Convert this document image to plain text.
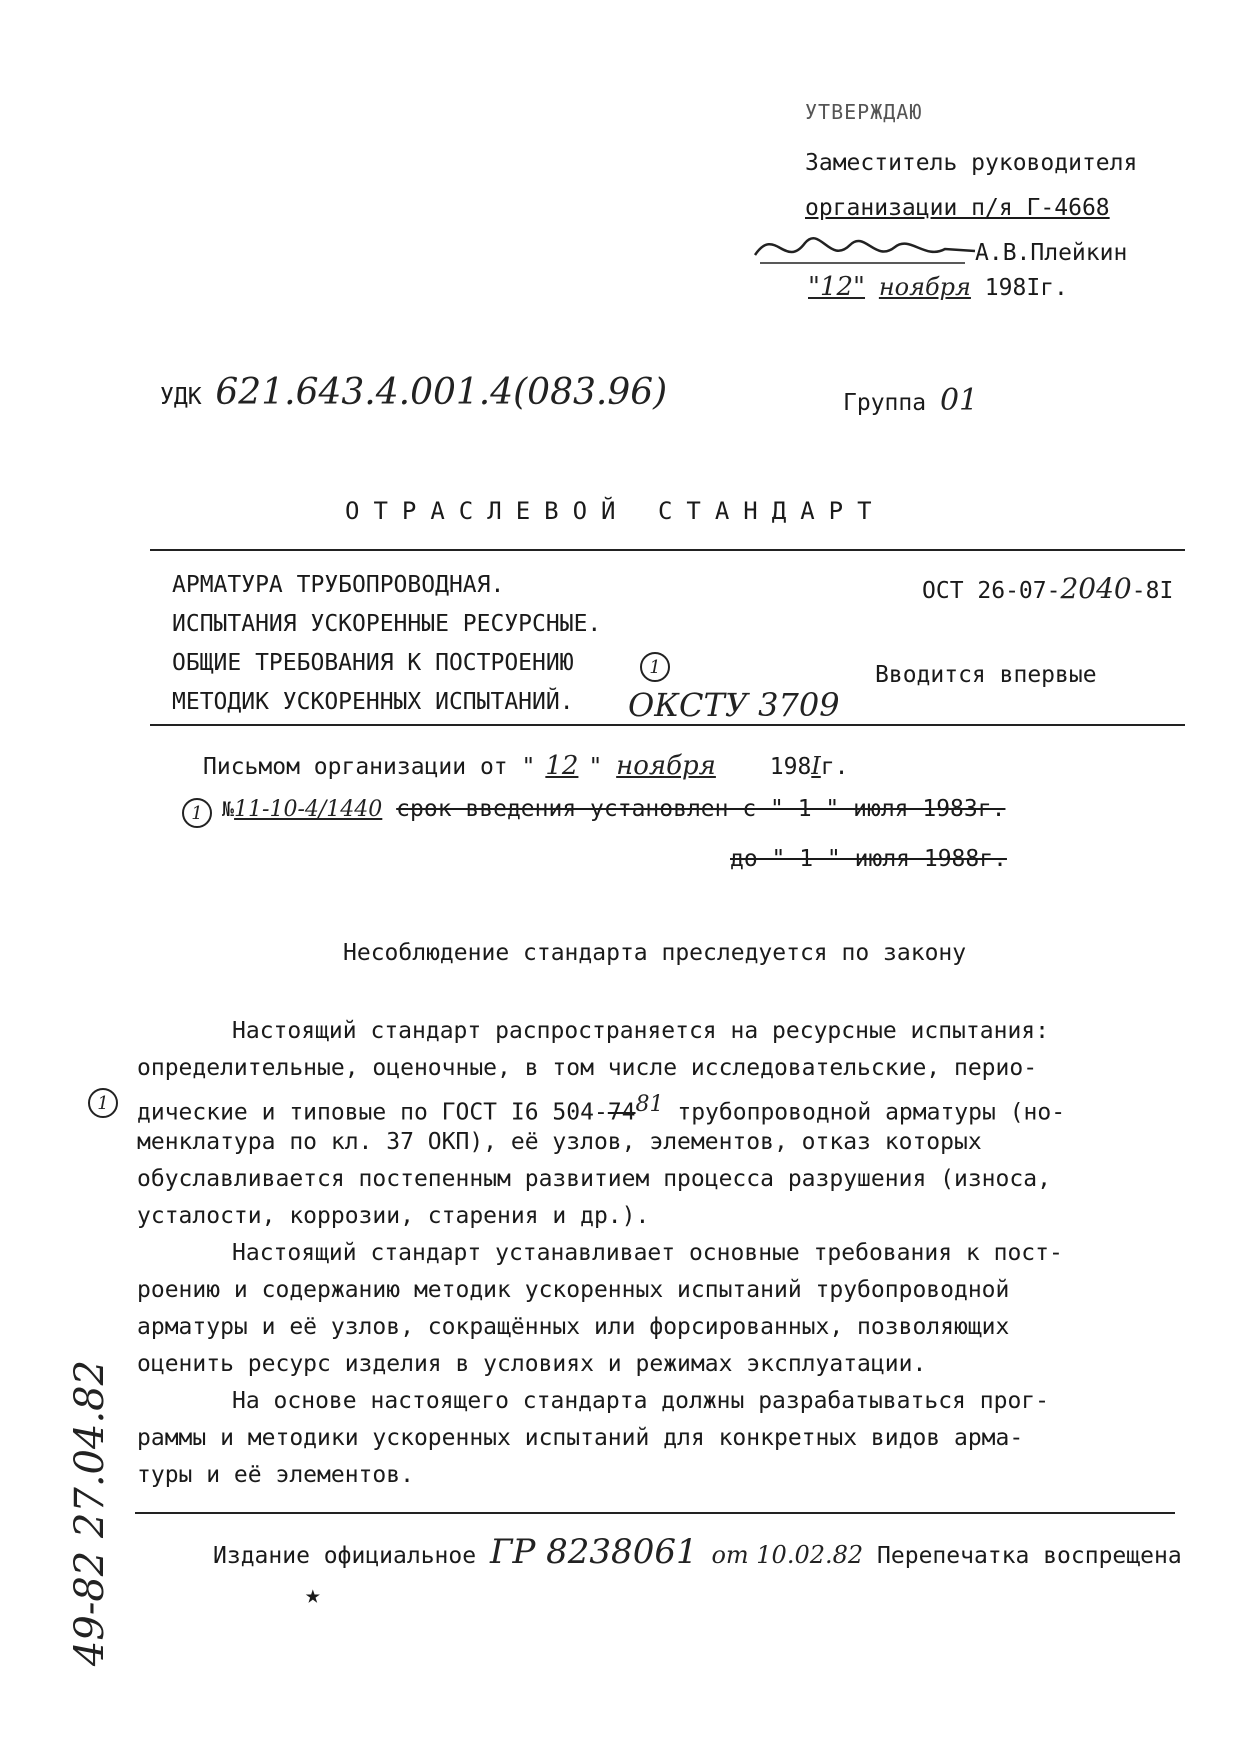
УТВЕРЖДАЮ
Заместитель руководителя
организации п/я Г-4668
А.В.Плейкин
"12" ноября 198Iг.
УДК 621.643.4.001.4(083.96)	Группа 01
ОТРАСЛЕВОЙ СТАНДАРТ
АРМАТУРА ТРУБОПРОВОДНАЯ.
ИСПЫТАНИЯ УСКОРЕННЫЕ РЕСУРСНЫЕ.
ОБЩИЕ ТРЕБОВАНИЯ К ПОСТРОЕНИЮ	1
МЕТОДИК УСКОРЕННЫХ ИСПЫТАНИЙ. ОКСТУ 3709
ОСТ 26-07-2040-8I
Вводится впервые
Письмом организации от " 12 " ноября 198Iг.
1 №11-10-4/1440 срок введения установлен с " 1 " июля 1983г.
до " 1 " июля 1988г.
Несоблюдение стандарта преследуется по закону
Настоящий стандарт распространяется на ресурсные испытания:
определительные, оценочные, в том числе исследовательские, перио-
1	дические и типовые по ГОСТ I6 $504-74^{81}$ трубопроводной арматуры (но-
менклатура по кл. 37 ОКП), её узлов, элементов, отказ которых
обуславливается постепенным развитием процесса разрушения (износа,
усталости, коррозии, старения и др.).
Настоящий стандарт устанавливает основные требования к пост-
роению и содержанию методик ускоренных испытаний трубопроводной
арматуры и её узлов, сокращённых или форсированных, позволяющих
оценить ресурс изделия в условиях и режимах эксплуатации.
На основе настоящего стандарта должны разрабатываться прог-
раммы и методики ускоренных испытаний для конкретных видов арма-
туры и её элементов.
Издание официальное ГР 8238061 от 10.02.82 Перепечатка воспрещена
★
49-82 27.04.82
